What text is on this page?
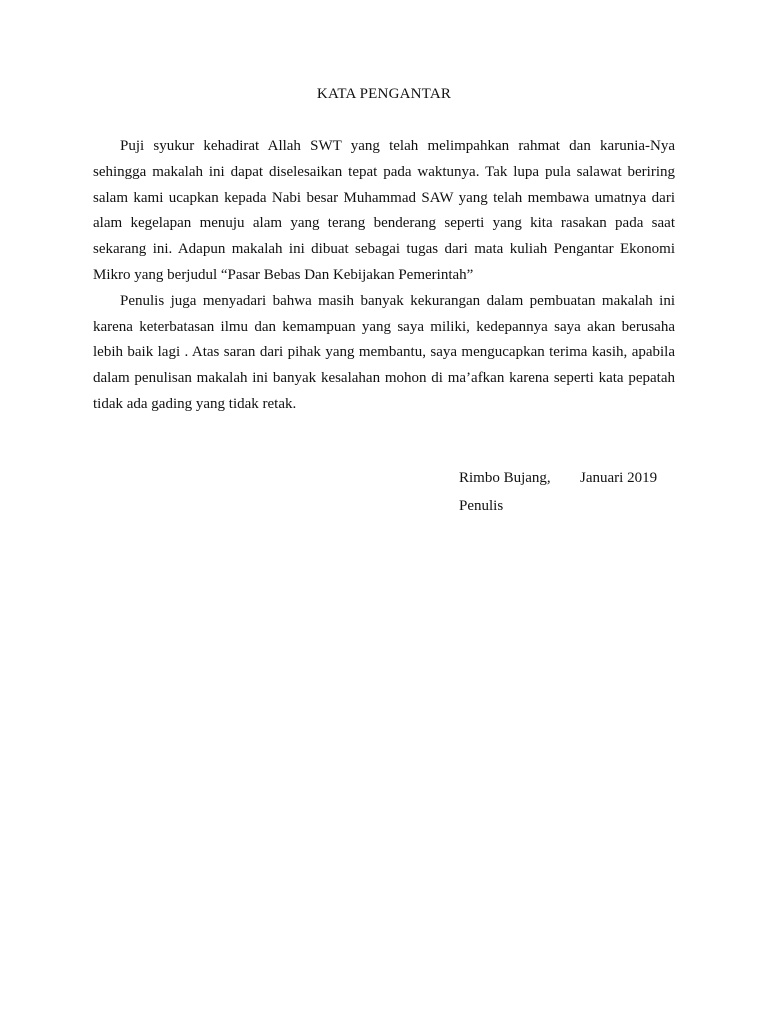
KATA PENGANTAR

Puji syukur kehadirat Allah SWT yang telah melimpahkan rahmat dan karunia-Nya sehingga makalah ini dapat diselesaikan tepat pada waktunya. Tak lupa pula salawat beriring salam kami ucapkan kepada Nabi besar Muhammad SAW yang telah membawa umatnya dari alam kegelapan menuju alam yang terang benderang seperti yang kita rasakan pada saat sekarang ini. Adapun makalah ini dibuat sebagai tugas dari mata kuliah Pengantar Ekonomi Mikro yang berjudul “Pasar Bebas Dan Kebijakan Pemerintah”

Penulis juga menyadari bahwa masih banyak kekurangan dalam pembuatan makalah ini karena keterbatasan ilmu dan kemampuan yang saya miliki, kedepannya saya akan berusaha lebih baik lagi . Atas saran dari pihak yang membantu, saya mengucapkan terima kasih, apabila dalam penulisan makalah ini banyak kesalahan mohon di ma’afkan karena seperti kata pepatah tidak ada gading yang tidak retak.

Rimbo Bujang,	Januari 2019
Penulis
